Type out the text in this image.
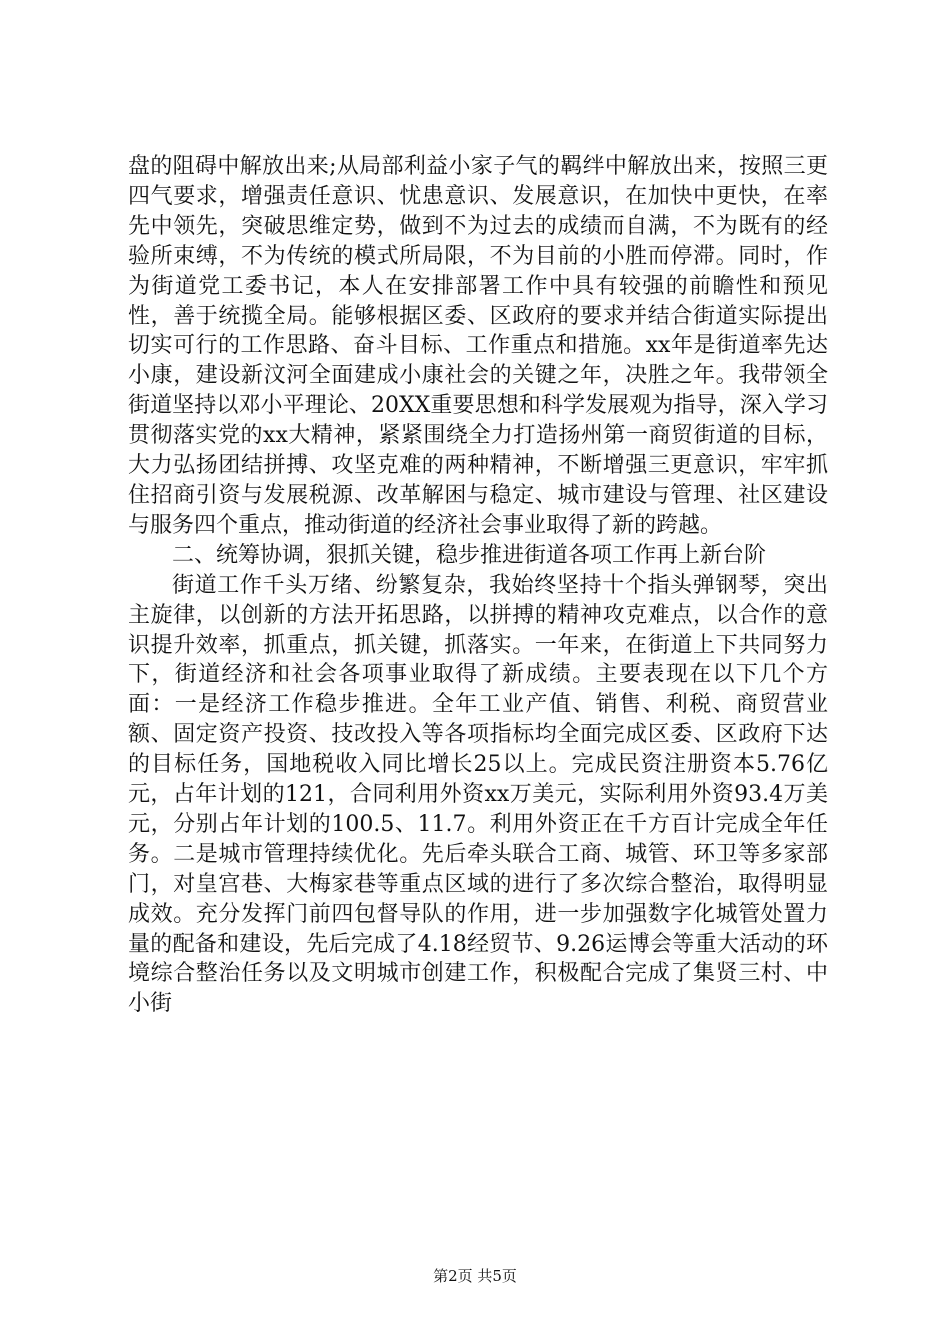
盘的阻碍中解放出来;从局部利益小家子气的羁绊中解放出来，按照三更四气要求，增强责任意识、忧患意识、发展意识，在加快中更快，在率先中领先，突破思维定势，做到不为过去的成绩而自满，不为既有的经验所束缚，不为传统的模式所局限，不为目前的小胜而停滞。同时，作为街道党工委书记，本人在安排部署工作中具有较强的前瞻性和预见性，善于统揽全局。能够根据区委、区政府的要求并结合街道实际提出切实可行的工作思路、奋斗目标、工作重点和措施。xx年是街道率先达小康，建设新汶河全面建成小康社会的关键之年，决胜之年。我带领全街道坚持以邓小平理论、20XX重要思想和科学发展观为指导，深入学习贯彻落实党的xx大精神，紧紧围绕全力打造扬州第一商贸街道的目标，大力弘扬团结拼搏、攻坚克难的两种精神，不断增强三更意识，牢牢抓住招商引资与发展税源、改革解困与稳定、城市建设与管理、社区建设与服务四个重点，推动街道的经济社会事业取得了新的跨越。

二、统筹协调，狠抓关键，稳步推进街道各项工作再上新台阶

街道工作千头万绪、纷繁复杂，我始终坚持十个指头弹钢琴，突出主旋律，以创新的方法开拓思路，以拼搏的精神攻克难点，以合作的意识提升效率，抓重点，抓关键，抓落实。一年来，在街道上下共同努力下，街道经济和社会各项事业取得了新成绩。主要表现在以下几个方面：一是经济工作稳步推进。全年工业产值、销售、利税、商贸营业额、固定资产投资、技改投入等各项指标均全面完成区委、区政府下达的目标任务，国地税收入同比增长25以上。完成民资注册资本5.76亿元，占年计划的121，合同利用外资xx万美元，实际利用外资93.4万美元，分别占年计划的100.5、11.7。利用外资正在千方百计完成全年任务。二是城市管理持续优化。先后牵头联合工商、城管、环卫等多家部门，对皇宫巷、大梅家巷等重点区域的进行了多次综合整治，取得明显成效。充分发挥门前四包督导队的作用，进一步加强数字化城管处置力量的配备和建设，先后完成了4.18经贸节、9.26运博会等重大活动的环境综合整治任务以及文明城市创建工作，积极配合完成了集贤三村、中小街

第2页 共5页
